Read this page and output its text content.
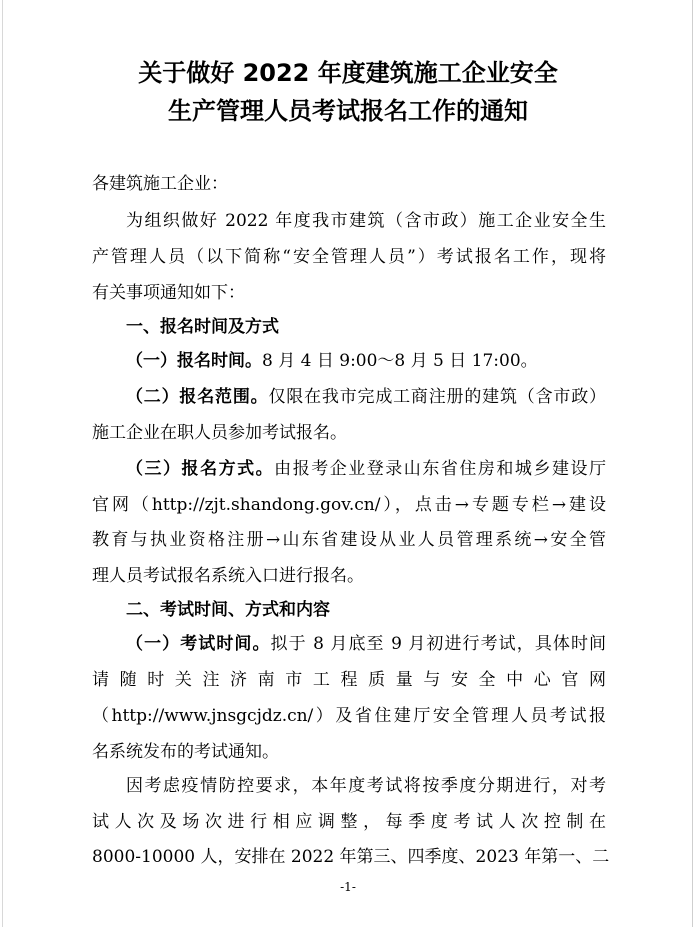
关于做好 2022 年度建筑施工企业安全
生产管理人员考试报名工作的通知
各建筑施工企业：
为组织做好 2022 年度我市建筑（含市政）施工企业安全生
产管理人员（以下简称“安全管理人员”）考试报名工作，现将
有关事项通知如下：
一、报名时间及方式
（一）报名时间。8 月 4 日 9:00～8 月 5 日 17:00。
（二）报名范围。仅限在我市完成工商注册的建筑（含市政）
施工企业在职人员参加考试报名。
（三）报名方式。由报考企业登录山东省住房和城乡建设厅
官网（http://zjt.shandong.gov.cn/），点击→专题专栏→建设
教育与执业资格注册→山东省建设从业人员管理系统→安全管
理人员考试报名系统入口进行报名。
二、考试时间、方式和内容
（一）考试时间。拟于 8 月底至 9 月初进行考试，具体时间
请随时关注济南市工程质量与安全中心官网
（http://www.jnsgcjdz.cn/）及省住建厅安全管理人员考试报
名系统发布的考试通知。
因考虑疫情防控要求，本年度考试将按季度分期进行，对考
试人次及场次进行相应调整，每季度考试人次控制在
8000-10000 人，安排在 2022 年第三、四季度、2023 年第一、二
-1-
